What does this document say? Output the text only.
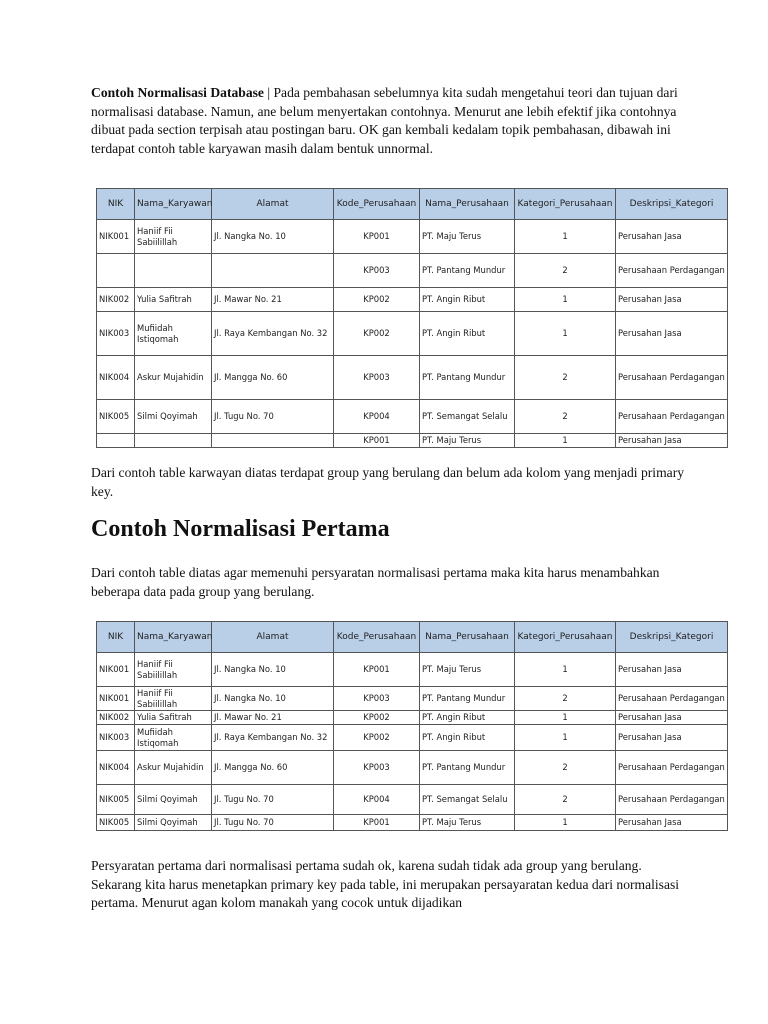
Contoh Normalisasi Database | Pada pembahasan sebelumnya kita sudah mengetahui teori dan tujuan dari normalisasi database. Namun, ane belum menyertakan contohnya. Menurut ane lebih efektif jika contohnya dibuat pada section terpisah atau postingan baru. OK gan kembali kedalam topik pembahasan, dibawah ini terdapat contoh table karyawan masih dalam bentuk unnormal.

NIK	Nama_Karyawan	Alamat	Kode_Perusahaan	Nama_Perusahaan	Kategori_Perusahaan	Deskripsi_Kategori
NIK001	Haniif Fii Sabiilillah	Jl. Nangka No. 10	KP001	PT. Maju Terus	1	Perusahan Jasa
			KP003	PT. Pantang Mundur	2	Perusahaan Perdagangan
NIK002	Yulia Safitrah	Jl. Mawar No. 21	KP002	PT. Angin Ribut	1	Perusahan Jasa
NIK003	Mufiidah Istiqomah	Jl. Raya Kembangan No. 32	KP002	PT. Angin Ribut	1	Perusahan Jasa
NIK004	Askur Mujahidin	Jl. Mangga No. 60	KP003	PT. Pantang Mundur	2	Perusahaan Perdagangan
NIK005	Silmi Qoyimah	Jl. Tugu No. 70	KP004	PT. Semangat Selalu	2	Perusahaan Perdagangan
			KP001	PT. Maju Terus	1	Perusahan Jasa

Dari contoh table karwayan diatas terdapat group yang berulang dan belum ada kolom yang menjadi primary key.

Contoh Normalisasi Pertama

Dari contoh table diatas agar memenuhi persyaratan normalisasi pertama maka kita harus menambahkan beberapa data pada group yang berulang.

NIK	Nama_Karyawan	Alamat	Kode_Perusahaan	Nama_Perusahaan	Kategori_Perusahaan	Deskripsi_Kategori
NIK001	Haniif Fii Sabiilillah	Jl. Nangka No. 10	KP001	PT. Maju Terus	1	Perusahan Jasa
NIK001	Haniif Fii Sabiilillah	Jl. Nangka No. 10	KP003	PT. Pantang Mundur	2	Perusahaan Perdagangan
NIK002	Yulia Safitrah	Jl. Mawar No. 21	KP002	PT. Angin Ribut	1	Perusahan Jasa
NIK003	Mufiidah Istiqomah	Jl. Raya Kembangan No. 32	KP002	PT. Angin Ribut	1	Perusahan Jasa
NIK004	Askur Mujahidin	Jl. Mangga No. 60	KP003	PT. Pantang Mundur	2	Perusahaan Perdagangan
NIK005	Silmi Qoyimah	Jl. Tugu No. 70	KP004	PT. Semangat Selalu	2	Perusahaan Perdagangan
NIK005	Silmi Qoyimah	Jl. Tugu No. 70	KP001	PT. Maju Terus	1	Perusahan Jasa

Persyaratan pertama dari normalisasi pertama sudah ok, karena sudah tidak ada group yang berulang. Sekarang kita harus menetapkan primary key pada table, ini merupakan persayaratan kedua dari normalisasi pertama. Menurut agan kolom manakah yang cocok untuk dijadikan
